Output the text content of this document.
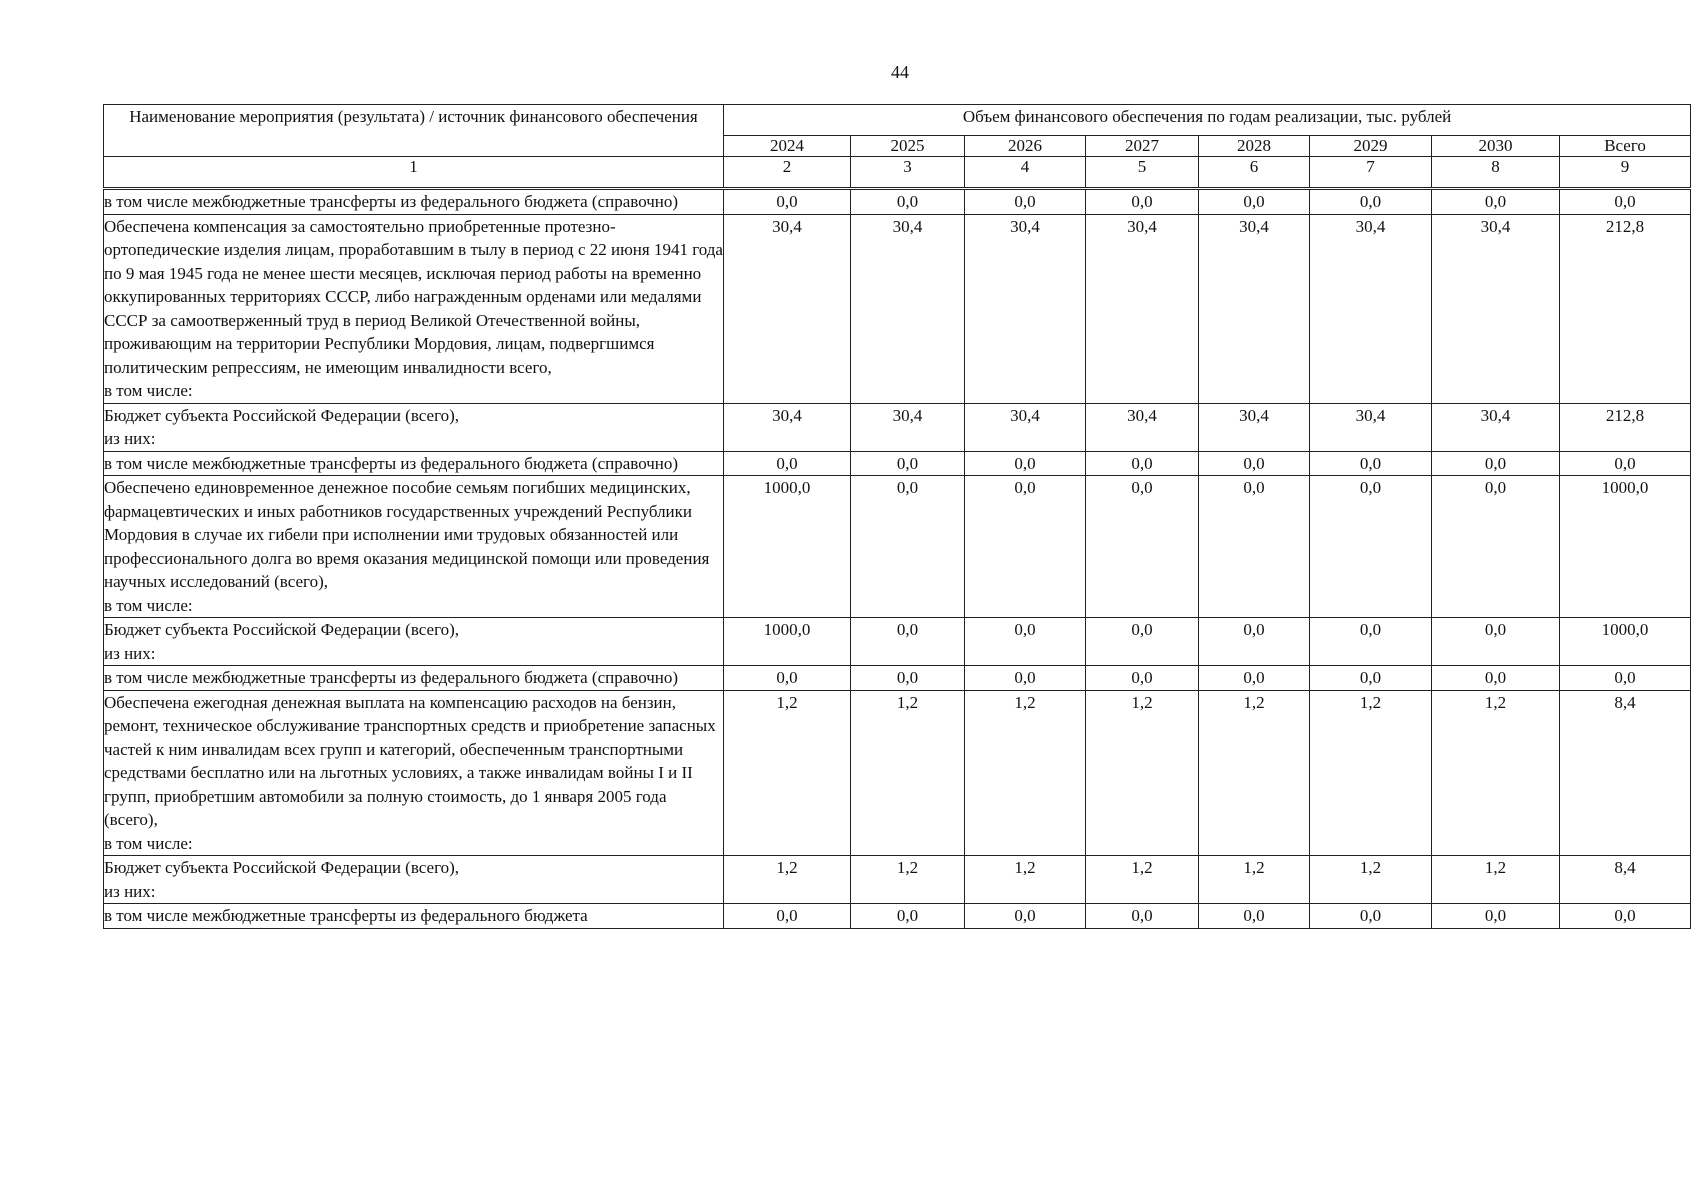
44
Наименование мероприятия (результата) / источник финансового обеспечения	Объем финансового обеспечения по годам реализации, тыс. рублей							
	2024	2025	2026	2027	2028	2029	2030	Всего
1	2	3	4	5	6	7	8	9
в том числе межбюджетные трансферты из федерального бюджета (справочно)	0,0	0,0	0,0	0,0	0,0	0,0	0,0	0,0
Обеспечена компенсация за самостоятельно приобретенные протезно-ортопедические изделия лицам, проработавшим в тылу в период с 22 июня 1941 года по 9 мая 1945 года не менее шести месяцев, исключая период работы на временно оккупированных территориях СССР, либо награжденным орденами или медалями СССР за самоотверженный труд в период Великой Отечественной войны, проживающим на территории Республики Мордовия, лицам, подвергшимся политическим репрессиям, не имеющим инвалидности всего,
в том числе:	30,4	30,4	30,4	30,4	30,4	30,4	30,4	212,8
Бюджет субъекта Российской Федерации (всего),
из них:	30,4	30,4	30,4	30,4	30,4	30,4	30,4	212,8
в том числе межбюджетные трансферты из федерального бюджета (справочно)	0,0	0,0	0,0	0,0	0,0	0,0	0,0	0,0
Обеспечено единовременное денежное пособие семьям погибших медицинских, фармацевтических и иных работников государственных учреждений Республики Мордовия в случае их гибели при исполнении ими трудовых обязанностей или профессионального долга во время оказания медицинской помощи или проведения научных исследований (всего),
в том числе:	1000,0	0,0	0,0	0,0	0,0	0,0	0,0	1000,0
Бюджет субъекта Российской Федерации (всего),
из них:	1000,0	0,0	0,0	0,0	0,0	0,0	0,0	1000,0
в том числе межбюджетные трансферты из федерального бюджета (справочно)	0,0	0,0	0,0	0,0	0,0	0,0	0,0	0,0
Обеспечена ежегодная денежная выплата на компенсацию расходов на бензин, ремонт, техническое обслуживание транспортных средств и приобретение запасных частей к ним инвалидам всех групп и категорий, обеспеченным транспортными средствами бесплатно или на льготных условиях, а также инвалидам войны I и II групп, приобретшим автомобили за полную стоимость, до 1 января 2005 года (всего),
в том числе:	1,2	1,2	1,2	1,2	1,2	1,2	1,2	8,4
Бюджет субъекта Российской Федерации (всего),
из них:	1,2	1,2	1,2	1,2	1,2	1,2	1,2	8,4
в том числе межбюджетные трансферты из федерального бюджета	0,0	0,0	0,0	0,0	0,0	0,0	0,0	0,0
